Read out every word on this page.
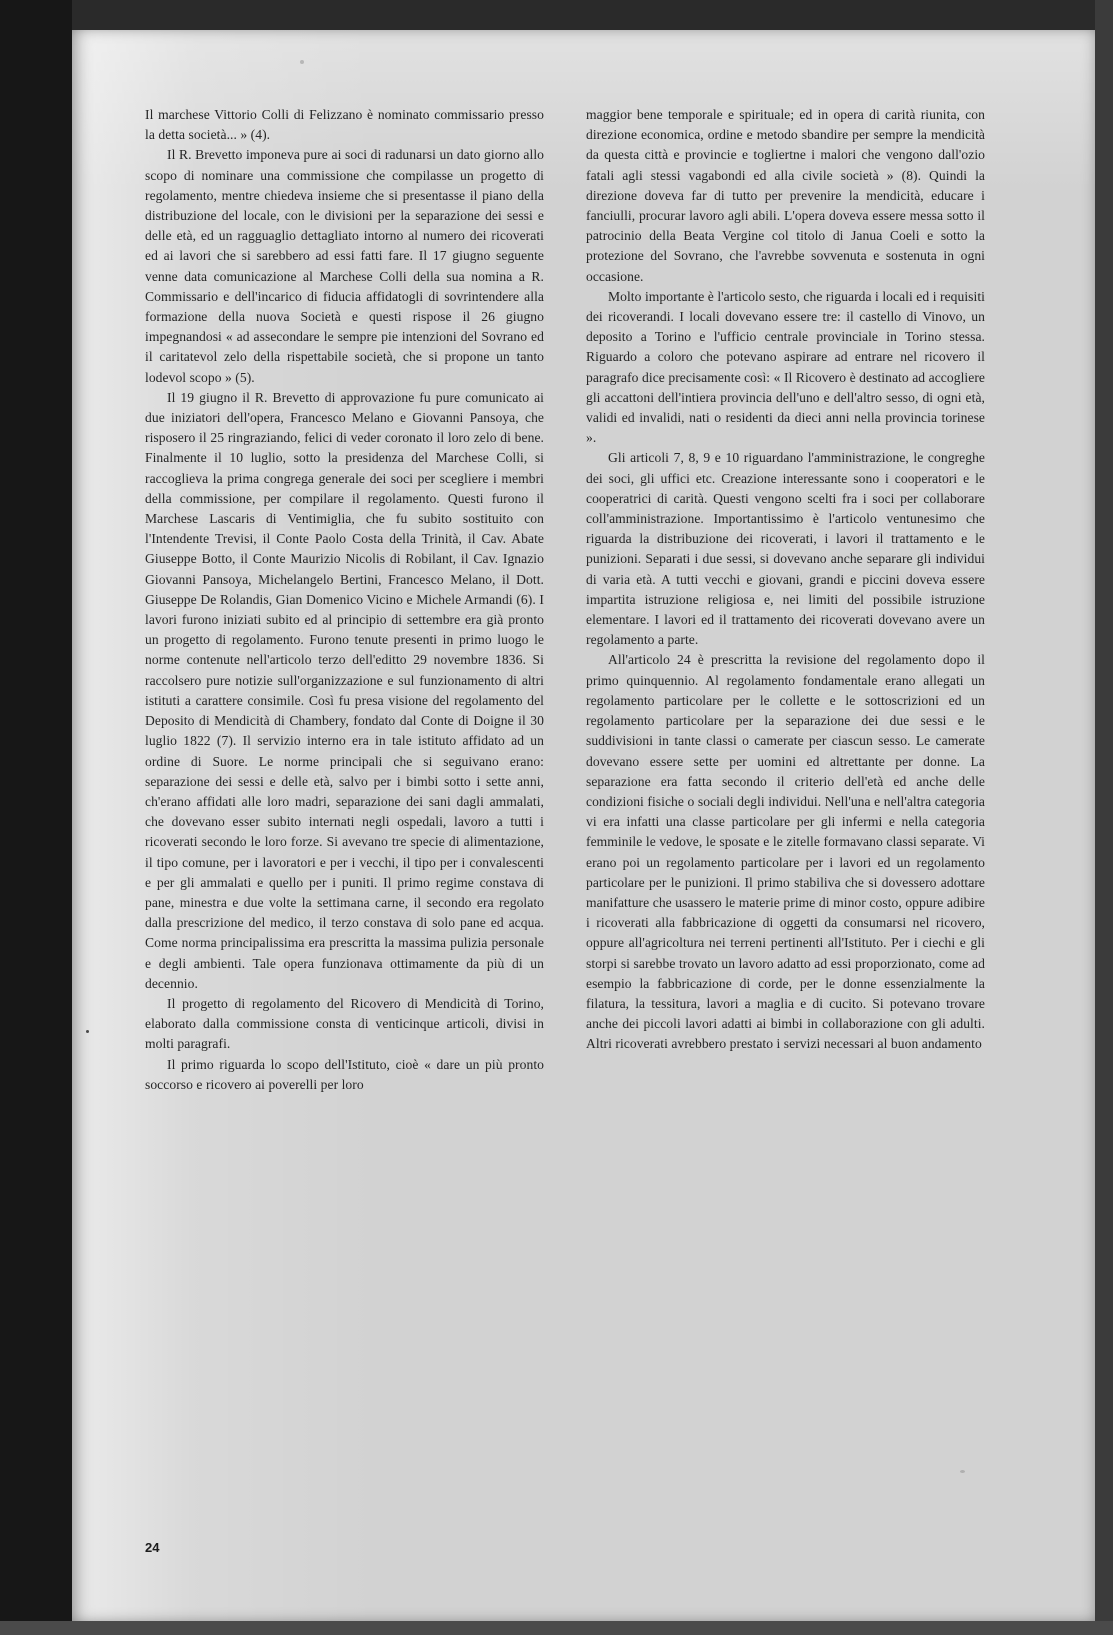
Il marchese Vittorio Colli di Felizzano è nominato commissario presso la detta società... » (4).

Il R. Brevetto imponeva pure ai soci di radunarsi un dato giorno allo scopo di nominare una commissione che compilasse un progetto di regolamento, mentre chiedeva insieme che si presentasse il piano della distribuzione del locale, con le divisioni per la separazione dei sessi e delle età, ed un ragguaglio dettagliato intorno al numero dei ricoverati ed ai lavori che si sarebbero ad essi fatti fare. Il 17 giugno seguente venne data comunicazione al Marchese Colli della sua nomina a R. Commissario e dell'incarico di fiducia affidatogli di sovrintendere alla formazione della nuova Società e questi rispose il 26 giugno impegnandosi « ad assecondare le sempre pie intenzioni del Sovrano ed il caritatevol zelo della rispettabile società, che si propone un tanto lodevol scopo » (5).

Il 19 giugno il R. Brevetto di approvazione fu pure comunicato ai due iniziatori dell'opera, Francesco Melano e Giovanni Pansoya, che risposero il 25 ringraziando, felici di veder coronato il loro zelo di bene. Finalmente il 10 luglio, sotto la presidenza del Marchese Colli, si raccoglieva la prima congrega generale dei soci per scegliere i membri della commissione, per compilare il regolamento. Questi furono il Marchese Lascaris di Ventimiglia, che fu subito sostituito con l'Intendente Trevisi, il Conte Paolo Costa della Trinità, il Cav. Abate Giuseppe Botto, il Conte Maurizio Nicolis di Robilant, il Cav. Ignazio Giovanni Pansoya, Michelangelo Bertini, Francesco Melano, il Dott. Giuseppe De Rolandis, Gian Domenico Vicino e Michele Armandi (6). I lavori furono iniziati subito ed al principio di settembre era già pronto un progetto di regolamento. Furono tenute presenti in primo luogo le norme contenute nell'articolo terzo dell'editto 29 novembre 1836. Si raccolsero pure notizie sull'organizzazione e sul funzionamento di altri istituti a carattere consimile. Così fu presa visione del regolamento del Deposito di Mendicità di Chambery, fondato dal Conte di Doigne il 30 luglio 1822 (7). Il servizio interno era in tale istituto affidato ad un ordine di Suore. Le norme principali che si seguivano erano: separazione dei sessi e delle età, salvo per i bimbi sotto i sette anni, ch'erano affidati alle loro madri, separazione dei sani dagli ammalati, che dovevano esser subito internati negli ospedali, lavoro a tutti i ricoverati secondo le loro forze. Si avevano tre specie di alimentazione, il tipo comune, per i lavoratori e per i vecchi, il tipo per i convalescenti e per gli ammalati e quello per i puniti. Il primo regime constava di pane, minestra e due volte la settimana carne, il secondo era regolato dalla prescrizione del medico, il terzo constava di solo pane ed acqua. Come norma principalissima era prescritta la massima pulizia personale e degli ambienti. Tale opera funzionava ottimamente da più di un decennio.

Il progetto di regolamento del Ricovero di Mendicità di Torino, elaborato dalla commissione consta di venticinque articoli, divisi in molti paragrafi.

Il primo riguarda lo scopo dell'Istituto, cioè « dare un più pronto soccorso e ricovero ai poverelli per loro

maggior bene temporale e spirituale; ed in opera di carità riunita, con direzione economica, ordine e metodo sbandire per sempre la mendicità da questa città e provincie e togliertne i malori che vengono dall'ozio fatali agli stessi vagabondi ed alla civile società » (8). Quindi la direzione doveva far di tutto per prevenire la mendicità, educare i fanciulli, procurar lavoro agli abili. L'opera doveva essere messa sotto il patrocinio della Beata Vergine col titolo di Janua Coeli e sotto la protezione del Sovrano, che l'avrebbe sovvenuta e sostenuta in ogni occasione.

Molto importante è l'articolo sesto, che riguarda i locali ed i requisiti dei ricoverandi. I locali dovevano essere tre: il castello di Vinovo, un deposito a Torino e l'ufficio centrale provinciale in Torino stessa. Riguardo a coloro che potevano aspirare ad entrare nel ricovero il paragrafo dice precisamente così: « Il Ricovero è destinato ad accogliere gli accattoni dell'intiera provincia dell'uno e dell'altro sesso, di ogni età, validi ed invalidi, nati o residenti da dieci anni nella provincia torinese ».

Gli articoli 7, 8, 9 e 10 riguardano l'amministrazione, le congreghe dei soci, gli uffici etc. Creazione interessante sono i cooperatori e le cooperatrici di carità. Questi vengono scelti fra i soci per collaborare coll'amministrazione. Importantissimo è l'articolo ventunesimo che riguarda la distribuzione dei ricoverati, i lavori il trattamento e le punizioni. Separati i due sessi, si dovevano anche separare gli individui di varia età. A tutti vecchi e giovani, grandi e piccini doveva essere impartita istruzione religiosa e, nei limiti del possibile istruzione elementare. I lavori ed il trattamento dei ricoverati dovevano avere un regolamento a parte.

All'articolo 24 è prescritta la revisione del regolamento dopo il primo quinquennio. Al regolamento fondamentale erano allegati un regolamento particolare per le collette e le sottoscrizioni ed un regolamento particolare per la separazione dei due sessi e le suddivisioni in tante classi o camerate per ciascun sesso. Le camerate dovevano essere sette per uomini ed altrettante per donne. La separazione era fatta secondo il criterio dell'età ed anche delle condizioni fisiche o sociali degli individui. Nell'una e nell'altra categoria vi era infatti una classe particolare per gli infermi e nella categoria femminile le vedove, le sposate e le zitelle formavano classi separate. Vi erano poi un regolamento particolare per i lavori ed un regolamento particolare per le punizioni. Il primo stabiliva che si dovessero adottare manifatture che usassero le materie prime di minor costo, oppure adibire i ricoverati alla fabbricazione di oggetti da consumarsi nel ricovero, oppure all'agricoltura nei terreni pertinenti all'Istituto. Per i ciechi e gli storpi si sarebbe trovato un lavoro adatto ad essi proporzionato, come ad esempio la fabbricazione di corde, per le donne essenzialmente la filatura, la tessitura, lavori a maglia e di cucito. Si potevano trovare anche dei piccoli lavori adatti ai bimbi in collaborazione con gli adulti. Altri ricoverati avrebbero prestato i servizi necessari al buon andamento

24
